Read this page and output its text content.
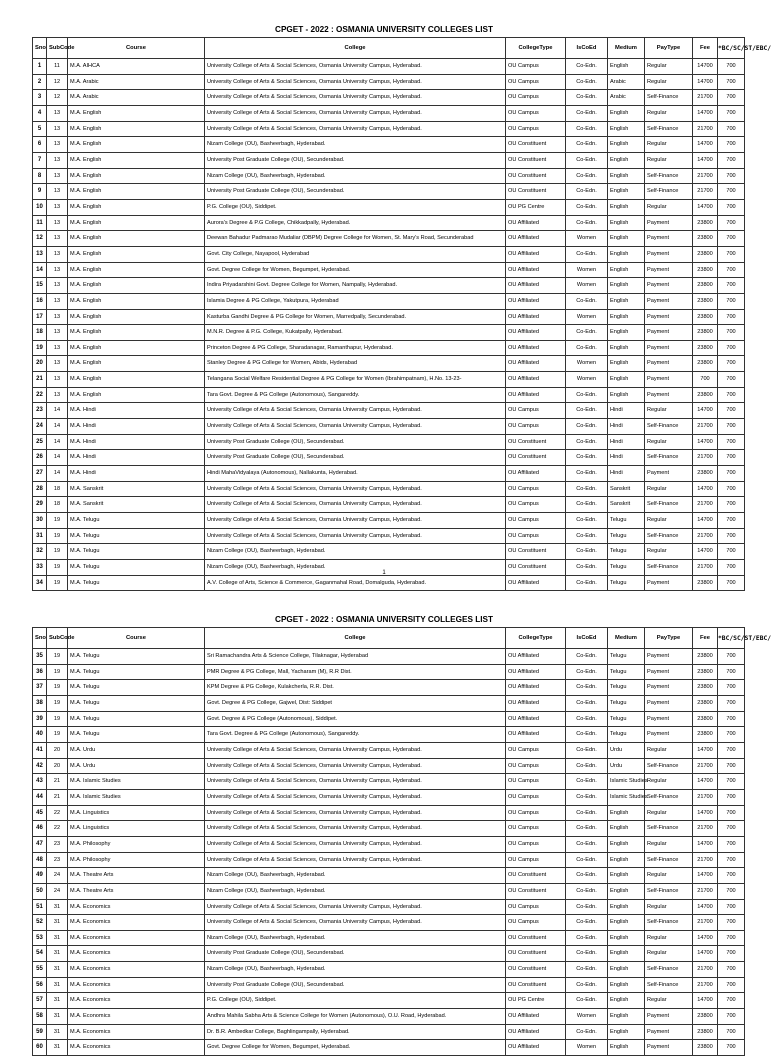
CPGET - 2022 : OSMANIA UNIVERSITY COLLEGES LIST
Sno	SubCode	Course	College	CollegeType	IsCoEd	Medium	PayType	Fee	*BC/SC/ST/EBC/
1	11	M.A. AIHCA	University College of Arts & Social Sciences, Osmania University Campus, Hyderabad.	OU Campus	Co-Edn.	English	Regular	14700	700
2	12	M.A. Arabic	University College of Arts & Social Sciences, Osmania University Campus, Hyderabad.	OU Campus	Co-Edn.	Arabic	Regular	14700	700
3	12	M.A. Arabic	University College of Arts & Social Sciences, Osmania University Campus, Hyderabad.	OU Campus	Co-Edn.	Arabic	Self-Finance	21700	700
4	13	M.A. English	University College of Arts & Social Sciences, Osmania University Campus, Hyderabad.	OU Campus	Co-Edn.	English	Regular	14700	700
5	13	M.A. English	University College of Arts & Social Sciences, Osmania University Campus, Hyderabad.	OU Campus	Co-Edn.	English	Self-Finance	21700	700
6	13	M.A. English	Nizam College (OU), Basheerbagh, Hyderabad.	OU Constituent	Co-Edn.	English	Regular	14700	700
7	13	M.A. English	University Post Graduate College (OU), Secunderabad.	OU Constituent	Co-Edn.	English	Regular	14700	700
8	13	M.A. English	Nizam College (OU), Basheerbagh, Hyderabad.	OU Constituent	Co-Edn.	English	Self-Finance	21700	700
9	13	M.A. English	University Post Graduate College (OU), Secunderabad.	OU Constituent	Co-Edn.	English	Self-Finance	21700	700
10	13	M.A. English	P.G. College (OU), Siddipet.	OU PG Centre	Co-Edn.	English	Regular	14700	700
11	13	M.A. English	Aurora's Degree & P.G College, Chikkadpally, Hyderabad.	OU Affiliated	Co-Edn.	English	Payment	23800	700
12	13	M.A. English	Deewan Bahadur Padmarao Mudaliar (DBPM) Degree College for Women, St. Mary's Road, Secunderabad	OU Affiliated	Women	English	Payment	23800	700
13	13	M.A. English	Govt. City College, Nayapool, Hyderabad	OU Affiliated	Co-Edn.	English	Payment	23800	700
14	13	M.A. English	Govt. Degree College for Women, Begumpet, Hyderabad.	OU Affiliated	Women	English	Payment	23800	700
15	13	M.A. English	Indira Priyadarshini Govt. Degree College for Women, Nampally, Hyderabad.	OU Affiliated	Women	English	Payment	23800	700
16	13	M.A. English	Islamia Degree & PG College, Yakutpura, Hyderabad	OU Affiliated	Co-Edn.	English	Payment	23800	700
17	13	M.A. English	Kasturba Gandhi Degree & PG College for Women, Marredpally, Secunderabad.	OU Affiliated	Women	English	Payment	23800	700
18	13	M.A. English	M.N.R. Degree & P.G. College, Kukatpally, Hyderabad.	OU Affiliated	Co-Edn.	English	Payment	23800	700
19	13	M.A. English	Princeton Degree & PG College, Sharadanagar, Ramanthapur, Hyderabad.	OU Affiliated	Co-Edn.	English	Payment	23800	700
20	13	M.A. English	Stanley Degree & PG College for Women, Abids, Hyderabad	OU Affiliated	Women	English	Payment	23800	700
21	13	M.A. English	Telangana Social Welfare Residential Degree & PG College for Women (Ibrahimpatnam), H.No. 13-23-	OU Affiliated	Women	English	Payment	700	700
22	13	M.A. English	Tara Govt. Degree & PG College (Autonomous), Sangareddy.	OU Affiliated	Co-Edn.	English	Payment	23800	700
23	14	M.A. Hindi	University College of Arts & Social Sciences, Osmania University Campus, Hyderabad.	OU Campus	Co-Edn.	Hindi	Regular	14700	700
24	14	M.A. Hindi	University College of Arts & Social Sciences, Osmania University Campus, Hyderabad.	OU Campus	Co-Edn.	Hindi	Self-Finance	21700	700
25	14	M.A. Hindi	University Post Graduate College (OU), Secunderabad.	OU Constituent	Co-Edn.	Hindi	Regular	14700	700
26	14	M.A. Hindi	University Post Graduate College (OU), Secunderabad.	OU Constituent	Co-Edn.	Hindi	Self-Finance	21700	700
27	14	M.A. Hindi	Hindi MahaVidyalaya (Autonomous), Nallakunta, Hyderabad.	OU Affiliated	Co-Edn.	Hindi	Payment	23800	700
28	18	M.A. Sanskrit	University College of Arts & Social Sciences, Osmania University Campus, Hyderabad.	OU Campus	Co-Edn.	Sanskrit	Regular	14700	700
29	18	M.A. Sanskrit	University College of Arts & Social Sciences, Osmania University Campus, Hyderabad.	OU Campus	Co-Edn.	Sanskrit	Self-Finance	21700	700
30	19	M.A. Telugu	University College of Arts & Social Sciences, Osmania University Campus, Hyderabad.	OU Campus	Co-Edn.	Telugu	Regular	14700	700
31	19	M.A. Telugu	University College of Arts & Social Sciences, Osmania University Campus, Hyderabad.	OU Campus	Co-Edn.	Telugu	Self-Finance	21700	700
32	19	M.A. Telugu	Nizam College (OU), Basheerbagh, Hyderabad.	OU Constituent	Co-Edn.	Telugu	Regular	14700	700
33	19	M.A. Telugu	Nizam College (OU), Basheerbagh, Hyderabad.	OU Constituent	Co-Edn.	Telugu	Self-Finance	21700	700
34	19	M.A. Telugu	A.V. College of Arts, Science & Commerce, Gaganmahal Road, Domalguda, Hyderabad.	OU Affiliated	Co-Edn.	Telugu	Payment	23800	700
1
CPGET - 2022 : OSMANIA UNIVERSITY COLLEGES LIST
Sno	SubCode	Course	College	CollegeType	IsCoEd	Medium	PayType	Fee	*BC/SC/ST/EBC/
35	19	M.A. Telugu	Sri Ramachandra Arts & Science College, Tilaknagar, Hyderabad	OU Affiliated	Co-Edn.	Telugu	Payment	23800	700
36	19	M.A. Telugu	PMR Degree & PG College, Mall, Yacharam (M), R.R Dist.	OU Affiliated	Co-Edn.	Telugu	Payment	23800	700
37	19	M.A. Telugu	KPM Degree & PG College, Kulakcherla, R.R. Dist.	OU Affiliated	Co-Edn.	Telugu	Payment	23800	700
38	19	M.A. Telugu	Govt. Degree & PG College, Gajwel, Dist: Siddipet	OU Affiliated	Co-Edn.	Telugu	Payment	23800	700
39	19	M.A. Telugu	Govt. Degree & PG College (Autonomous), Siddipet.	OU Affiliated	Co-Edn.	Telugu	Payment	23800	700
40	19	M.A. Telugu	Tara Govt. Degree & PG College (Autonomous), Sangareddy.	OU Affiliated	Co-Edn.	Telugu	Payment	23800	700
41	20	M.A. Urdu	University College of Arts & Social Sciences, Osmania University Campus, Hyderabad.	OU Campus	Co-Edn.	Urdu	Regular	14700	700
42	20	M.A. Urdu	University College of Arts & Social Sciences, Osmania University Campus, Hyderabad.	OU Campus	Co-Edn.	Urdu	Self-Finance	21700	700
43	21	M.A. Islamic Studies	University College of Arts & Social Sciences, Osmania University Campus, Hyderabad.	OU Campus	Co-Edn.	Islamic Studies	Regular	14700	700
44	21	M.A. Islamic Studies	University College of Arts & Social Sciences, Osmania University Campus, Hyderabad.	OU Campus	Co-Edn.	Islamic Studies	Self-Finance	21700	700
45	22	M.A. Linguistics	University College of Arts & Social Sciences, Osmania University Campus, Hyderabad.	OU Campus	Co-Edn.	English	Regular	14700	700
46	22	M.A. Linguistics	University College of Arts & Social Sciences, Osmania University Campus, Hyderabad.	OU Campus	Co-Edn.	English	Self-Finance	21700	700
47	23	M.A. Philosophy	University College of Arts & Social Sciences, Osmania University Campus, Hyderabad.	OU Campus	Co-Edn.	English	Regular	14700	700
48	23	M.A. Philosophy	University College of Arts & Social Sciences, Osmania University Campus, Hyderabad.	OU Campus	Co-Edn.	English	Self-Finance	21700	700
49	24	M.A. Theatre Arts	Nizam College (OU), Basheerbagh, Hyderabad.	OU Constituent	Co-Edn.	English	Regular	14700	700
50	24	M.A. Theatre Arts	Nizam College (OU), Basheerbagh, Hyderabad.	OU Constituent	Co-Edn.	English	Self-Finance	21700	700
51	31	M.A. Economics	University College of Arts & Social Sciences, Osmania University Campus, Hyderabad.	OU Campus	Co-Edn.	English	Regular	14700	700
52	31	M.A. Economics	University College of Arts & Social Sciences, Osmania University Campus, Hyderabad.	OU Campus	Co-Edn.	English	Self-Finance	21700	700
53	31	M.A. Economics	Nizam College (OU), Basheerbagh, Hyderabad.	OU Constituent	Co-Edn.	English	Regular	14700	700
54	31	M.A. Economics	University Post Graduate College (OU), Secunderabad.	OU Constituent	Co-Edn.	English	Regular	14700	700
55	31	M.A. Economics	Nizam College (OU), Basheerbagh, Hyderabad.	OU Constituent	Co-Edn.	English	Self-Finance	21700	700
56	31	M.A. Economics	University Post Graduate College (OU), Secunderabad.	OU Constituent	Co-Edn.	English	Self-Finance	21700	700
57	31	M.A. Economics	P.G. College (OU), Siddipet.	OU PG Centre	Co-Edn.	English	Regular	14700	700
58	31	M.A. Economics	Andhra Mahila Sabha Arts & Science College for Women (Autonomous), O.U. Road, Hyderabad.	OU Affiliated	Women	English	Payment	23800	700
59	31	M.A. Economics	Dr. B.R. Ambedkar College, Baghlingampally, Hyderabad.	OU Affiliated	Co-Edn.	English	Payment	23800	700
60	31	M.A. Economics	Govt. Degree College for Women, Begumpet, Hyderabad.	OU Affiliated	Women	English	Payment	23800	700
